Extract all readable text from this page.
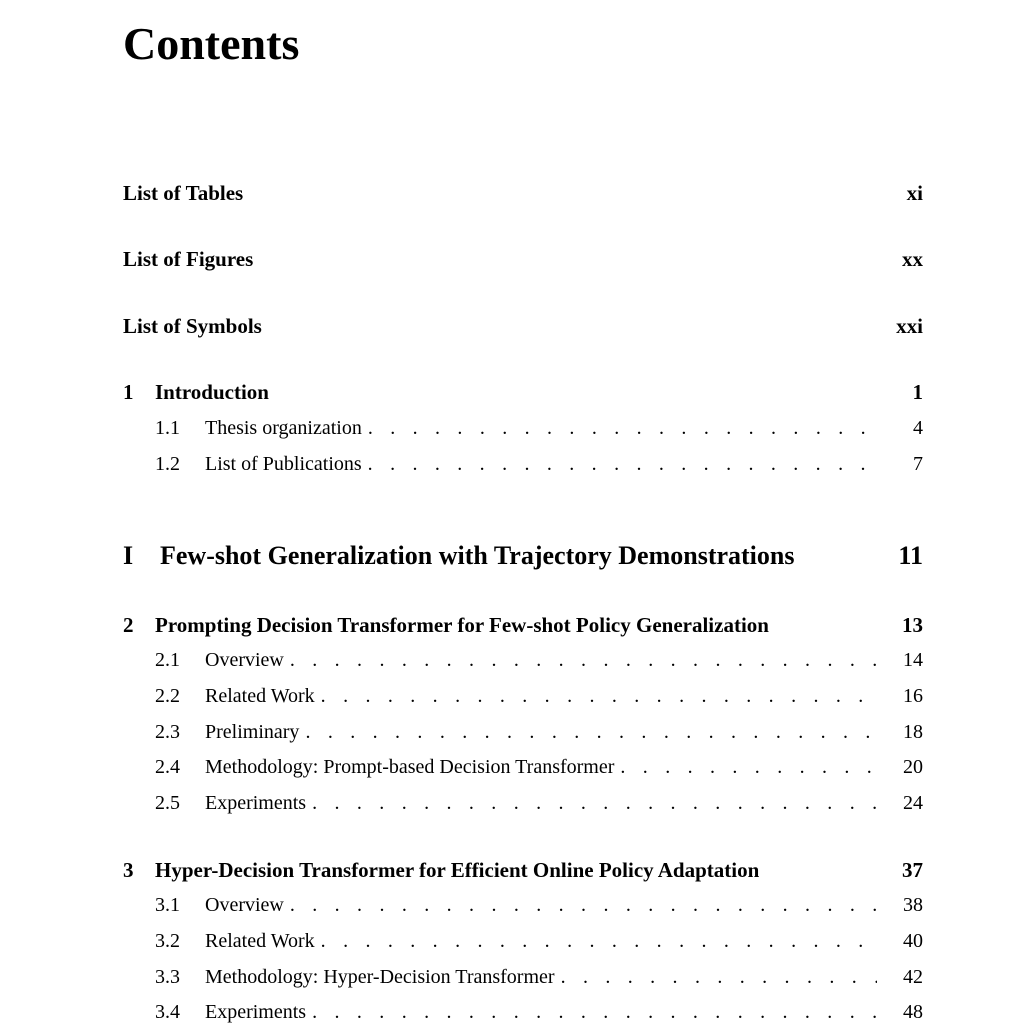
Contents
List of Tables	xi
List of Figures	xx
List of Symbols	xxi
1	Introduction	1
1.1	Thesis organization . . .	4
1.2	List of Publications . . .	7
I	Few-shot Generalization with Trajectory Demonstrations	11
2	Prompting Decision Transformer for Few-shot Policy Generalization	13
2.1	Overview . . .	14
2.2	Related Work . . .	16
2.3	Preliminary . . .	18
2.4	Methodology: Prompt-based Decision Transformer . . .	20
2.5	Experiments . . .	24
3	Hyper-Decision Transformer for Efficient Online Policy Adaptation	37
3.1	Overview . . .	38
3.2	Related Work . . .	40
3.3	Methodology: Hyper-Decision Transformer . . .	42
3.4	Experiments . . .	48
